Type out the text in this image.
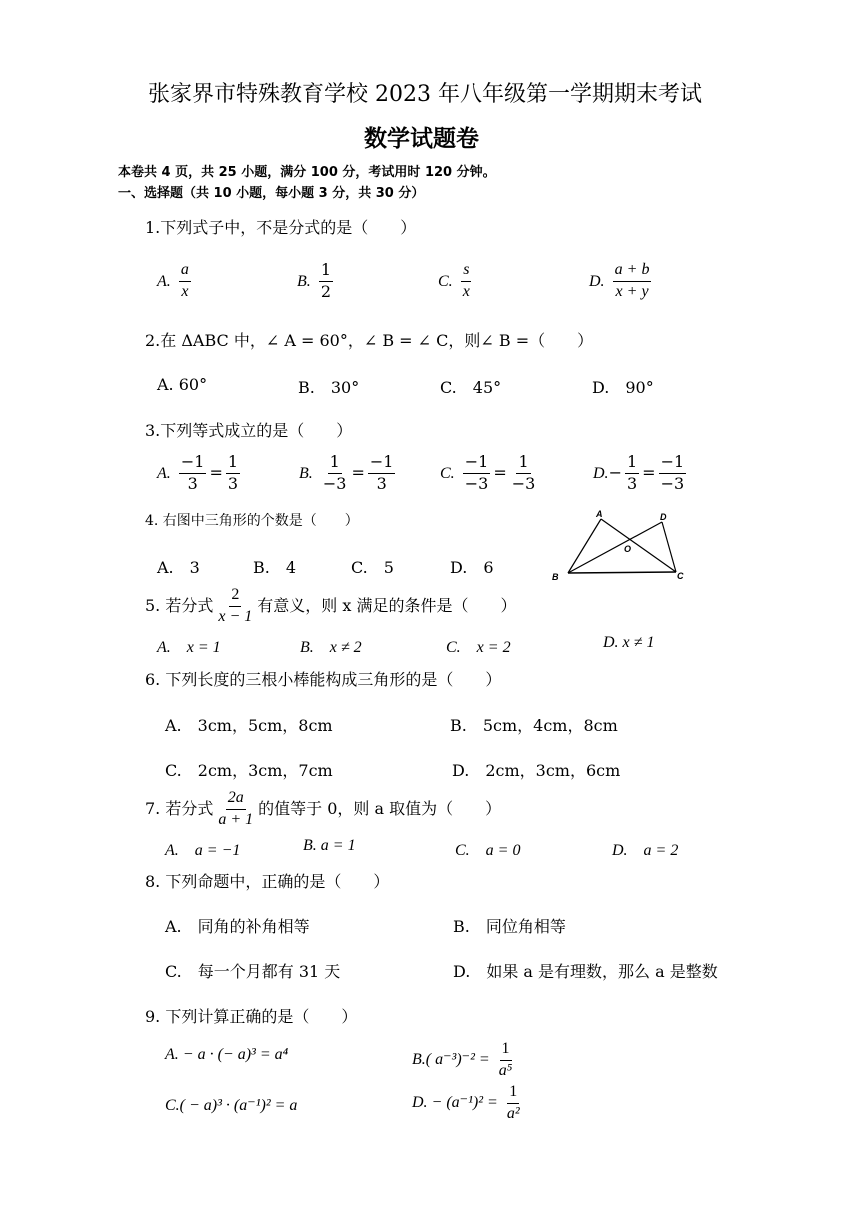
张家界市特殊教育学校 2023 年八年级第一学期期末考试
数学试题卷
本卷共 4 页，共 25 小题，满分 100 分，考试用时 120 分钟。
一、选择题（共 10 小题，每小题 3 分，共 30 分）
1.下列式子中，不是分式的是（　　）
A. $\frac{a}{x}$	B. $\frac{1}{2}$	C. $\frac{s}{x}$	D. $\frac{a + b}{x + y}$
2.在 ΔABC 中，∠ A = 60°，∠ B = ∠ C，则∠ B =（　　）
A. 60°	B.　30°	C.　45°	D.　90°
3.下列等式成立的是（　　）
A. $\frac{-1}{3} = \frac{1}{3}$	B. $\frac{1}{-3} = \frac{-1}{3}$	C. $\frac{-1}{-3} = \frac{1}{-3}$	$D.- \frac{1}{3} = \frac{-1}{-3}$
4. 右图中三角形的个数是（　　）
A.　3	B.　4	C.　5	D.　6
A	D
O
B	C
5. 若分式 $\frac{2}{x - 1}$ 有意义，则 x 满足的条件是（　　）
A.　x = 1	B.　x ≠ 2	C.　x = 2	D. x ≠ 1
6. 下列长度的三根小棒能构成三角形的是（　　）
A.　3cm，5cm，8cm	B.　5cm，4cm，8cm
C.　2cm，3cm，7cm	D.　2cm，3cm，6cm
7. 若分式 $\frac{2a}{a + 1}$ 的值等于 0，则 a 取值为（　　）
A.　a = −1	B. a = 1	C.　a = 0	D.　a = 2
8. 下列命题中，正确的是（　　）
A.　同角的补角相等	B.　同位角相等
C.　每一个月都有 31 天	D.　如果 a 是有理数，那么 a 是整数
9. 下列计算正确的是（　　）
A. − a · (− a)³ = a⁴	B.( $a^{-3})^{-2} = \frac{1}{\text{a⁵}}$
C.( − a)³ · (a⁻¹)² = a	D. − $(a^{-1})^2 = \frac{1}{\text{a²}}$
